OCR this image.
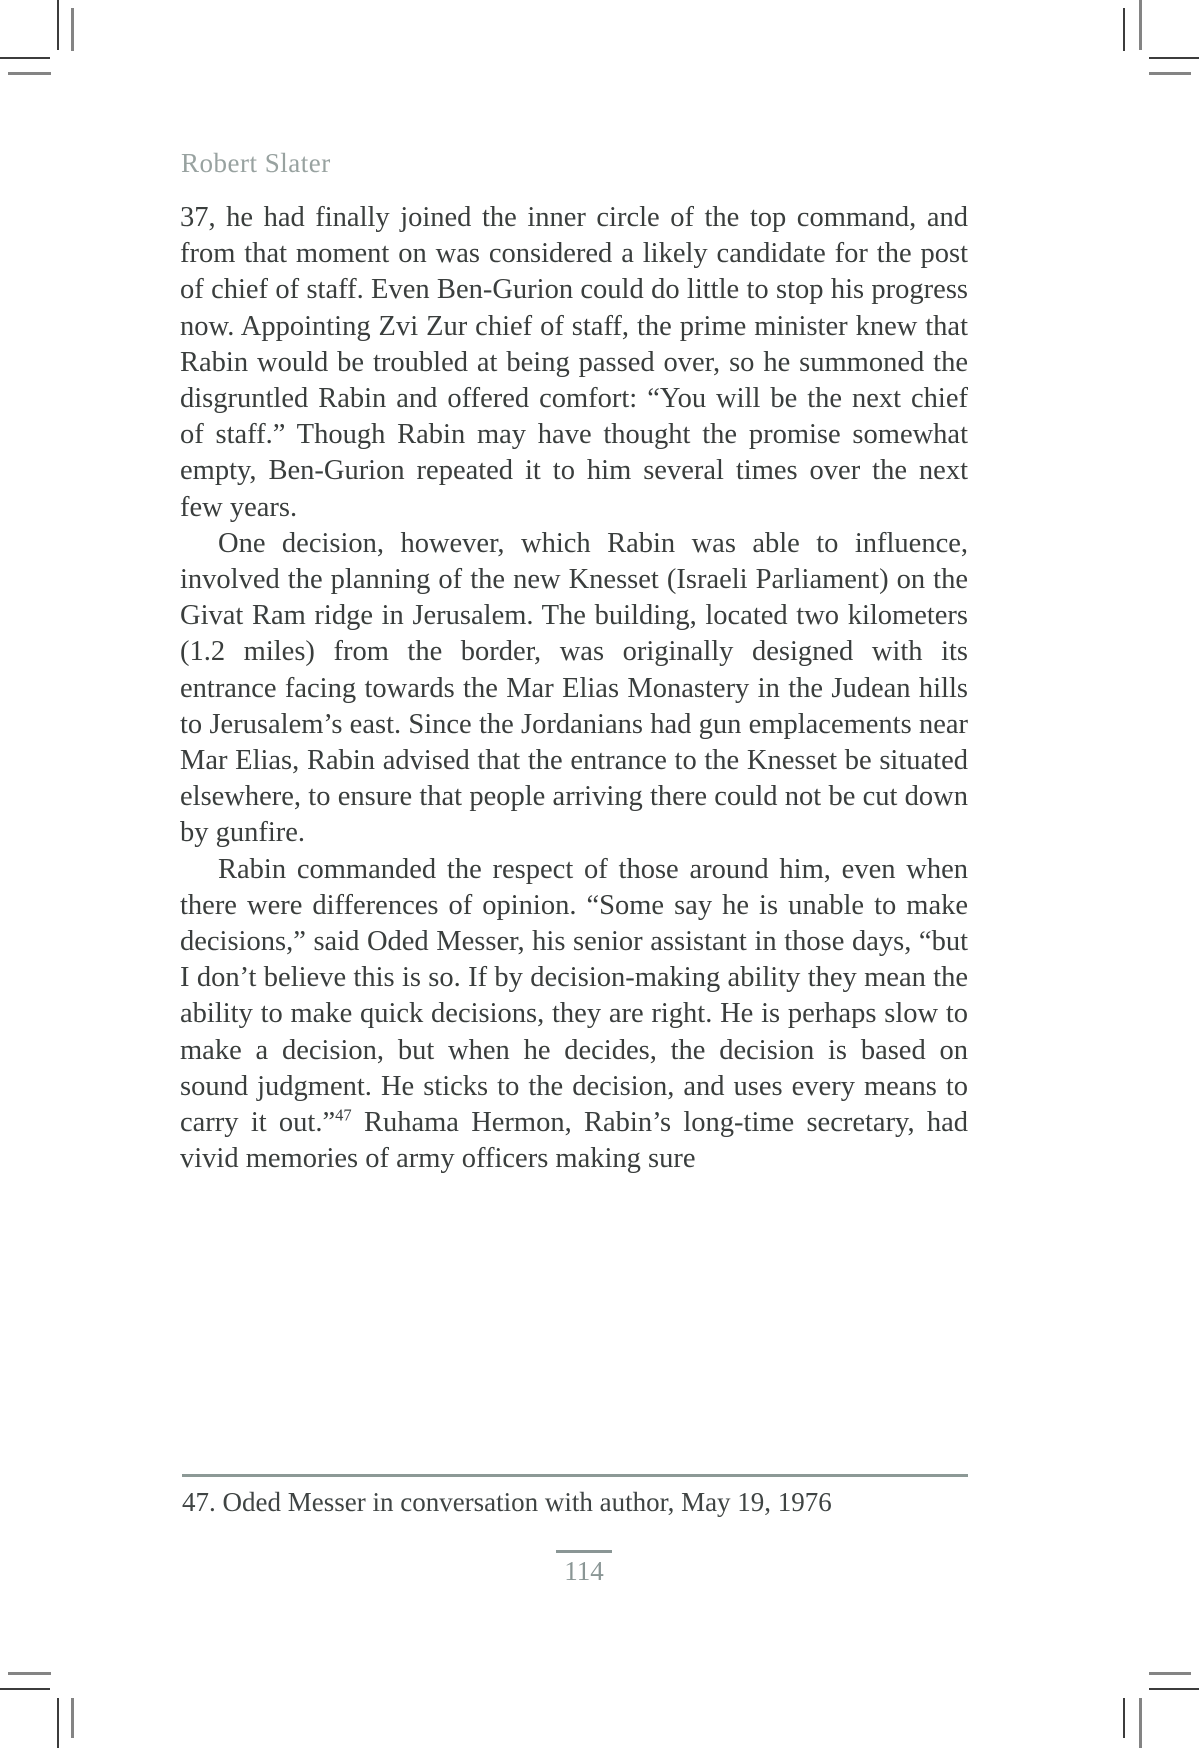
Robert Slater

37, he had finally joined the inner circle of the top command, and from that moment on was considered a likely candidate for the post of chief of staff. Even Ben-Gurion could do little to stop his progress now. Appointing Zvi Zur chief of staff, the prime minister knew that Rabin would be troubled at being passed over, so he summoned the disgruntled Rabin and offered comfort: “You will be the next chief of staff.” Though Rabin may have thought the promise somewhat empty, Ben-Gurion repeated it to him several times over the next few years.

One decision, however, which Rabin was able to influence, involved the planning of the new Knesset (Israeli Parliament) on the Givat Ram ridge in Jerusalem. The building, located two kilometers (1.2 miles) from the border, was originally designed with its entrance facing towards the Mar Elias Monastery in the Judean hills to Jerusalem’s east. Since the Jordanians had gun emplacements near Mar Elias, Rabin advised that the entrance to the Knesset be situated elsewhere, to ensure that people arriving there could not be cut down by gunfire.

Rabin commanded the respect of those around him, even when there were differences of opinion. “Some say he is unable to make decisions,” said Oded Messer, his senior assistant in those days, “but I don’t believe this is so. If by decision-making ability they mean the ability to make quick decisions, they are right. He is perhaps slow to make a decision, but when he decides, the decision is based on sound judgment. He sticks to the decision, and uses every means to carry it out.”$^{47}$ Ruhama Hermon, Rabin’s long-time secretary, had vivid memories of army officers making sure

47. Oded Messer in conversation with author, May 19, 1976
114
